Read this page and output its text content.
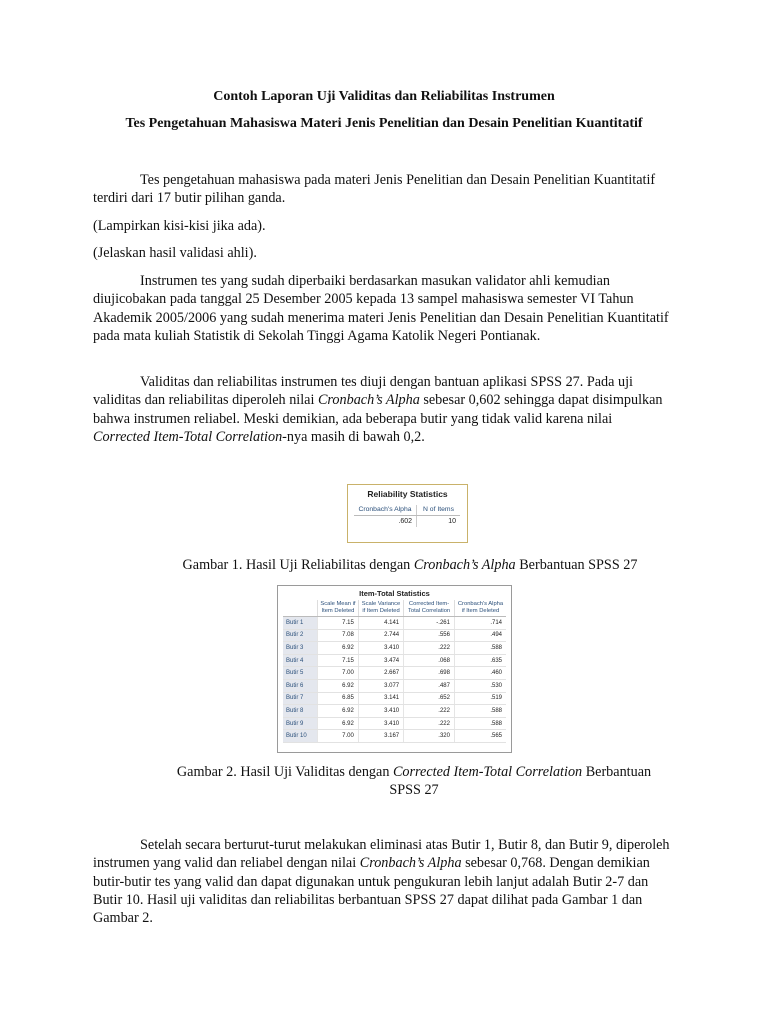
Contoh Laporan Uji Validitas dan Reliabilitas Instrumen
Tes Pengetahuan Mahasiswa Materi Jenis Penelitian dan Desain Penelitian Kuantitatif

Tes pengetahuan mahasiswa pada materi Jenis Penelitian dan Desain Penelitian Kuantitatif terdiri dari 17 butir pilihan ganda.

(Lampirkan kisi-kisi jika ada).

(Jelaskan hasil validasi ahli).

Instrumen tes yang sudah diperbaiki berdasarkan masukan validator ahli kemudian diujicobakan pada tanggal 25 Desember 2005 kepada 13 sampel mahasiswa semester VI Tahun Akademik 2005/2006 yang sudah menerima materi Jenis Penelitian dan Desain Penelitian Kuantitatif pada mata kuliah Statistik di Sekolah Tinggi Agama Katolik Negeri Pontianak.

Validitas dan reliabilitas instrumen tes diuji dengan bantuan aplikasi SPSS 27. Pada uji validitas dan reliabilitas diperoleh nilai Cronbach’s Alpha sebesar 0,602 sehingga dapat disimpulkan bahwa instrumen reliabel. Meski demikian, ada beberapa butir yang tidak valid karena nilai Corrected Item-Total Correlation-nya masih di bawah 0,2.

Reliability Statistics
Cronbach's Alpha	N of Items
.602	10
Gambar 1. Hasil Uji Reliabilitas dengan Cronbach’s Alpha Berbantuan SPSS 27
Item-Total Statistics
	Scale Mean if Item Deleted	Scale Variance if Item Deleted	Corrected Item-Total Correlation	Cronbach's Alpha if Item Deleted
Butir 1	7.15	4.141	-.261	.714
Butir 2	7.08	2.744	.556	.494
Butir 3	6.92	3.410	.222	.588
Butir 4	7.15	3.474	.068	.635
Butir 5	7.00	2.667	.698	.460
Butir 6	6.92	3.077	.487	.530
Butir 7	6.85	3.141	.652	.519
Butir 8	6.92	3.410	.222	.588
Butir 9	6.92	3.410	.222	.588
Butir 10	7.00	3.167	.320	.565
Gambar 2. Hasil Uji Validitas dengan Corrected Item-Total Correlation Berbantuan
SPSS 27

Setelah secara berturut-turut melakukan eliminasi atas Butir 1, Butir 8, dan Butir 9, diperoleh instrumen yang valid dan reliabel dengan nilai Cronbach’s Alpha sebesar 0,768. Dengan demikian butir-butir tes yang valid dan dapat digunakan untuk pengukuran lebih lanjut adalah Butir 2-7 dan Butir 10. Hasil uji validitas dan reliabilitas berbantuan SPSS 27 dapat dilihat pada Gambar 1 dan Gambar 2.
